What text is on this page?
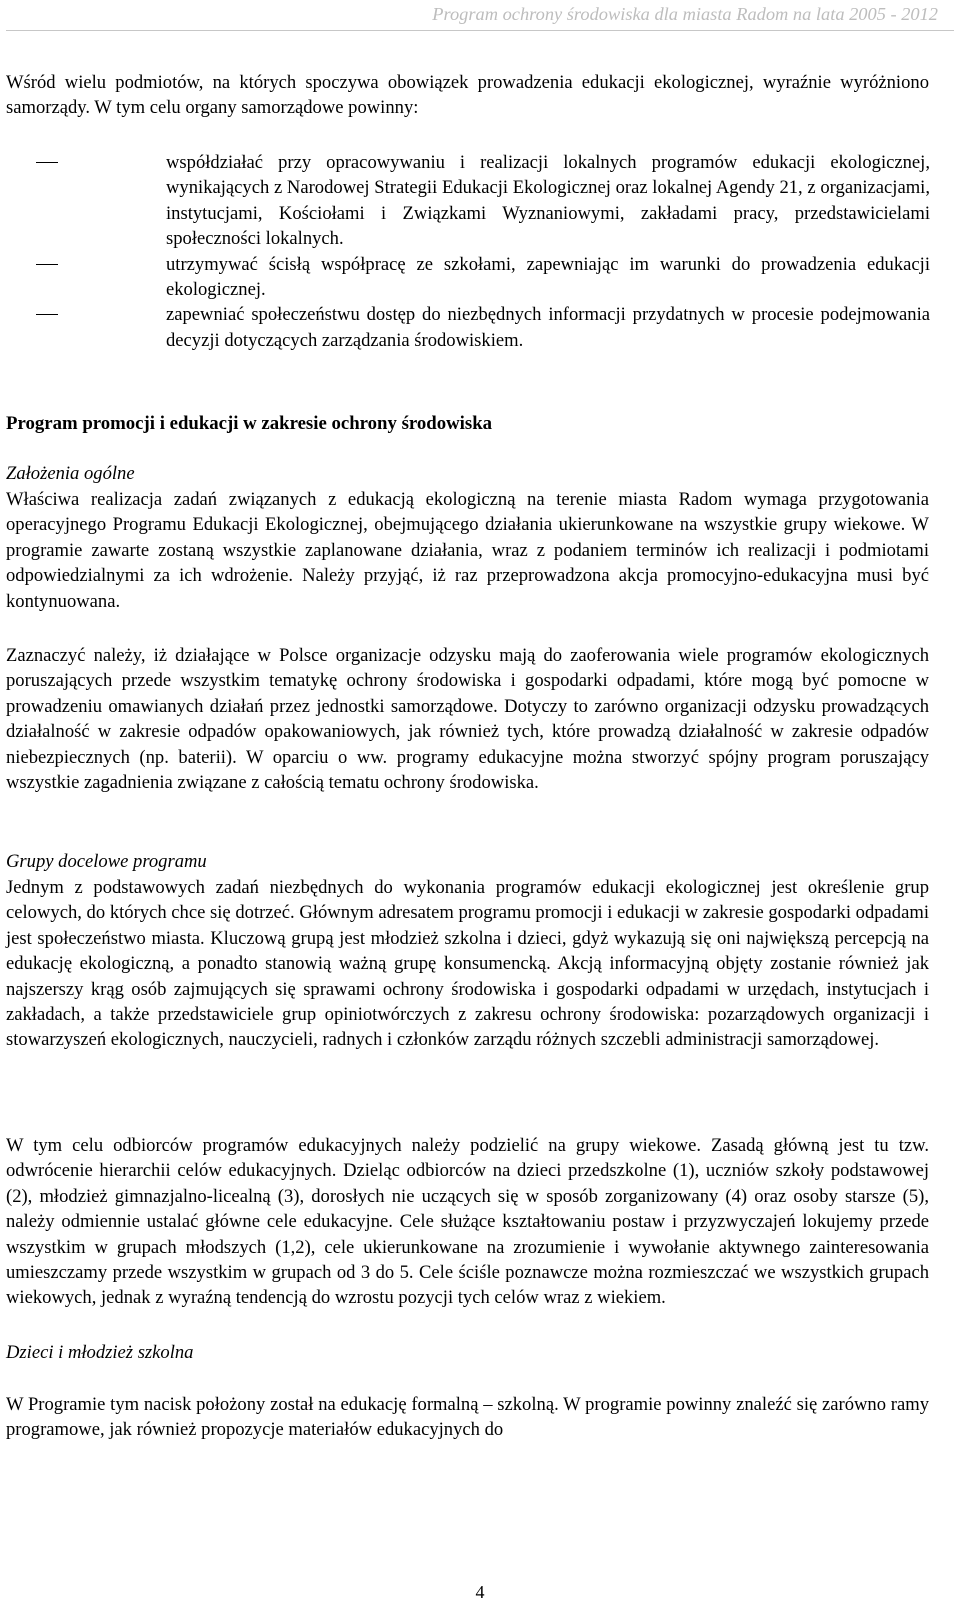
Program ochrony środowiska dla miasta Radom na lata 2005 - 2012

Wśród wielu podmiotów, na których spoczywa obowiązek prowadzenia edukacji ekologicznej, wyraźnie wyróżniono samorządy. W tym celu organy samorządowe powinny:

współdziałać przy opracowywaniu i realizacji lokalnych programów edukacji ekologicznej, wynikających z Narodowej Strategii Edukacji Ekologicznej oraz lokalnej Agendy 21, z organizacjami, instytucjami, Kościołami i Związkami Wyznaniowymi, zakładami pracy, przedstawicielami społeczności lokalnych.
utrzymywać ścisłą współpracę ze szkołami, zapewniając im warunki do prowadzenia edukacji ekologicznej.
zapewniać społeczeństwu dostęp do niezbędnych informacji przydatnych w procesie podejmowania decyzji dotyczących zarządzania środowiskiem.
Program promocji i edukacji w zakresie ochrony środowiska

Założenia ogólne

Właściwa realizacja zadań związanych z edukacją ekologiczną na terenie miasta Radom wymaga przygotowania operacyjnego Programu Edukacji Ekologicznej, obejmującego działania ukierunkowane na wszystkie grupy wiekowe. W programie zawarte zostaną wszystkie zaplanowane działania, wraz z podaniem terminów ich realizacji i podmiotami odpowiedzialnymi za ich wdrożenie. Należy przyjąć, iż raz przeprowadzona akcja promocyjno-edukacyjna musi być kontynuowana.

Zaznaczyć należy, iż działające w Polsce organizacje odzysku mają do zaoferowania wiele programów ekologicznych poruszających przede wszystkim tematykę ochrony środowiska i gospodarki odpadami, które mogą być pomocne w prowadzeniu omawianych działań przez jednostki samorządowe. Dotyczy to zarówno organizacji odzysku prowadzących działalność w zakresie odpadów opakowaniowych, jak również tych, które prowadzą działalność w zakresie odpadów niebezpiecznych (np. baterii). W oparciu o ww. programy edukacyjne można stworzyć spójny program poruszający wszystkie zagadnienia związane z całością tematu ochrony środowiska.

Grupy docelowe programu

Jednym z podstawowych zadań niezbędnych do wykonania programów edukacji ekologicznej jest określenie grup celowych, do których chce się dotrzeć. Głównym adresatem programu promocji i edukacji w zakresie gospodarki odpadami jest społeczeństwo miasta. Kluczową grupą jest młodzież szkolna i dzieci, gdyż wykazują się oni największą percepcją na edukację ekologiczną, a ponadto stanowią ważną grupę konsumencką. Akcją informacyjną objęty zostanie również jak najszerszy krąg osób zajmujących się sprawami ochrony środowiska i gospodarki odpadami w urzędach, instytucjach i zakładach, a także przedstawiciele grup opiniotwórczych z zakresu ochrony środowiska: pozarządowych organizacji i stowarzyszeń ekologicznych, nauczycieli, radnych i członków zarządu różnych szczebli administracji samorządowej.

W tym celu odbiorców programów edukacyjnych należy podzielić na grupy wiekowe. Zasadą główną jest tu tzw. odwrócenie hierarchii celów edukacyjnych. Dzieląc odbiorców na dzieci przedszkolne (1), uczniów szkoły podstawowej (2), młodzież gimnazjalno-licealną (3), dorosłych nie uczących się w sposób zorganizowany (4) oraz osoby starsze (5), należy odmiennie ustalać główne cele edukacyjne. Cele służące kształtowaniu postaw i przyzwyczajeń lokujemy przede wszystkim w grupach młodszych (1,2), cele ukierunkowane na zrozumienie i wywołanie aktywnego zainteresowania umieszczamy przede wszystkim w grupach od 3 do 5. Cele ściśle poznawcze można rozmieszczać we wszystkich grupach wiekowych, jednak z wyraźną tendencją do wzrostu pozycji tych celów wraz z wiekiem.

Dzieci i młodzież szkolna

W Programie tym nacisk położony został na edukację formalną – szkolną. W programie powinny znaleźć się zarówno ramy programowe, jak również propozycje materiałów edukacyjnych do

4
